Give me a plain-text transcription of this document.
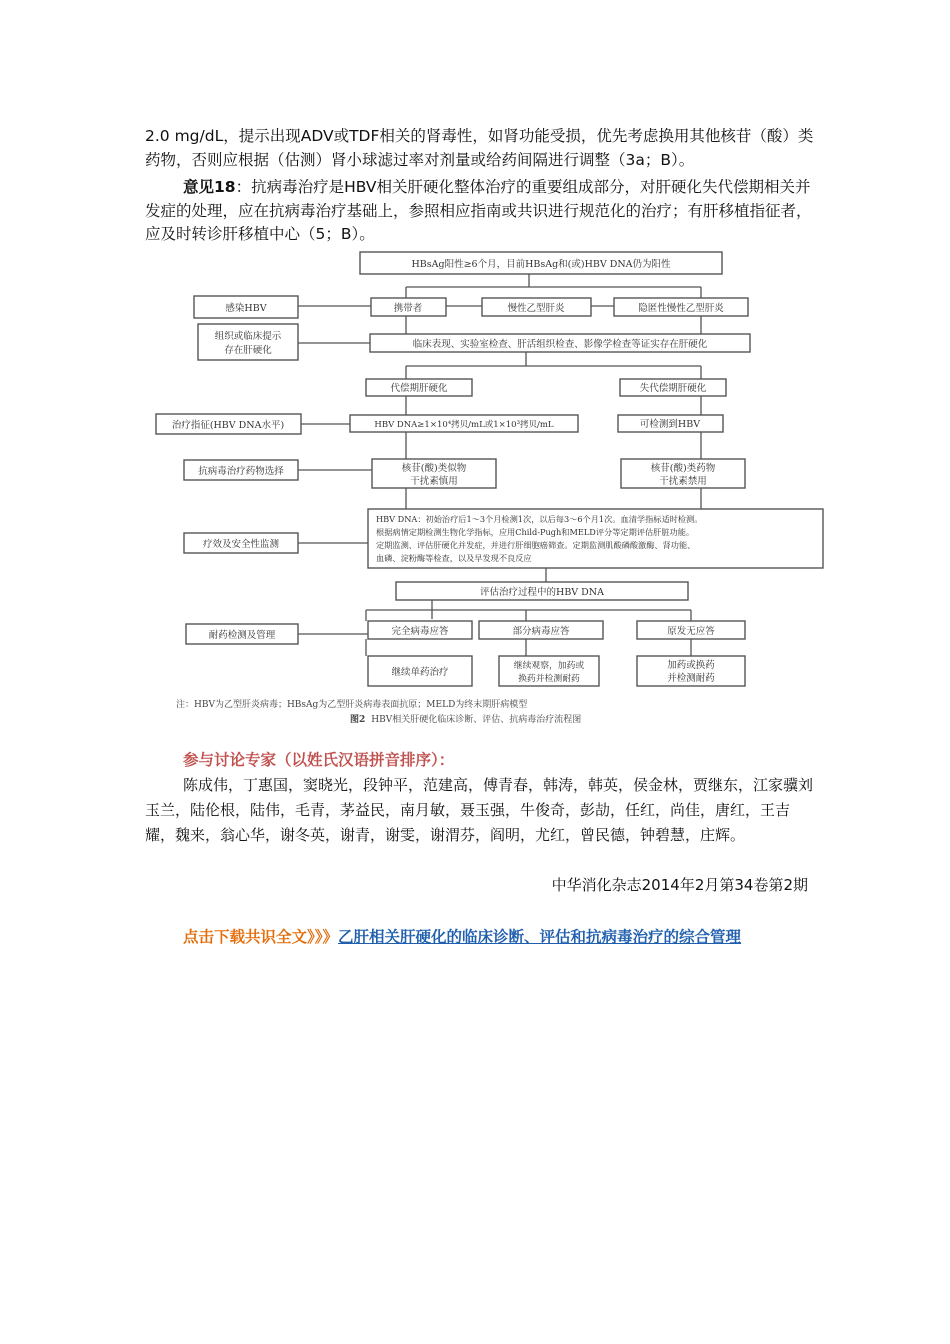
2.0 mg/dL，提示出现ADV或TDF相关的肾毒性，如肾功能受损，优先考虑换用其他核苷（酸）类药物，否则应根据（估测）肾小球滤过率对剂量或给药间隔进行调整（3a；B）。

意见18：抗病毒治疗是HBV相关肝硬化整体治疗的重要组成部分，对肝硬化失代偿期相关并发症的处理，应在抗病毒治疗基础上，参照相应指南或共识进行规范化的治疗；有肝移植指征者，应及时转诊肝移植中心（5；B）。

HBsAg阳性≥6个月，目前HBsAg和(或)HBV DNA仍为阳性
感染HBV	携带者	慢性乙型肝炎	隐匿性慢性乙型肝炎
组织或临床提示
存在肝硬化
临床表现、实验室检查、肝活组织检查、影像学检查等证实存在肝硬化
代偿期肝硬化	失代偿期肝硬化
治疗指征(HBV DNA水平)	HBV DNA≥1×10⁴拷贝/mL或1×10³拷贝/mL	可检测到HBV
抗病毒治疗药物选择	核苷(酸)类似物
干扰素慎用
核苷(酸)类药物
干扰素禁用
疗效及安全性监测
HBV DNA：初始治疗后1～3个月检测1次，以后每3～6个月1次。血清学指标适时检测。
根据病情定期检测生物化学指标，应用Child-Pugh和MELD评分等定期评估肝脏功能。
定期监测、评估肝硬化并发症，并进行肝细胞癌筛查。定期监测肌酸磷酸激酶、肾功能、
血磷、淀粉酶等检查，以及早发现不良反应
评估治疗过程中的HBV DNA
耐药检测及管理	完全病毒应答	部分病毒应答	原发无应答
继续单药治疗
继续观察，加药或
换药并检测耐药
加药或换药
并检测耐药
注：HBV为乙型肝炎病毒；HBsAg为乙型肝炎病毒表面抗原；MELD为终末期肝病模型
图2 HBV相关肝硬化临床诊断、评估、抗病毒治疗流程图
参与讨论专家（以姓氏汉语拼音排序）：

陈成伟，丁惠国，窦晓光，段钟平，范建高，傅青春，韩涛，韩英，侯金林，贾继东，江家骥刘玉兰，陆伦根，陆伟，毛青，茅益民，南月敏，聂玉强，牛俊奇，彭劼，任红，尚佳，唐红，王吉耀，魏来，翁心华，谢冬英，谢青，谢雯，谢渭芬，阎明，尤红，曾民德，钟碧慧，庄辉。

中华消化杂志2014年2月第34卷第2期
点击下载共识全文》》》乙肝相关肝硬化的临床诊断、评估和抗病毒治疗的综合管理
